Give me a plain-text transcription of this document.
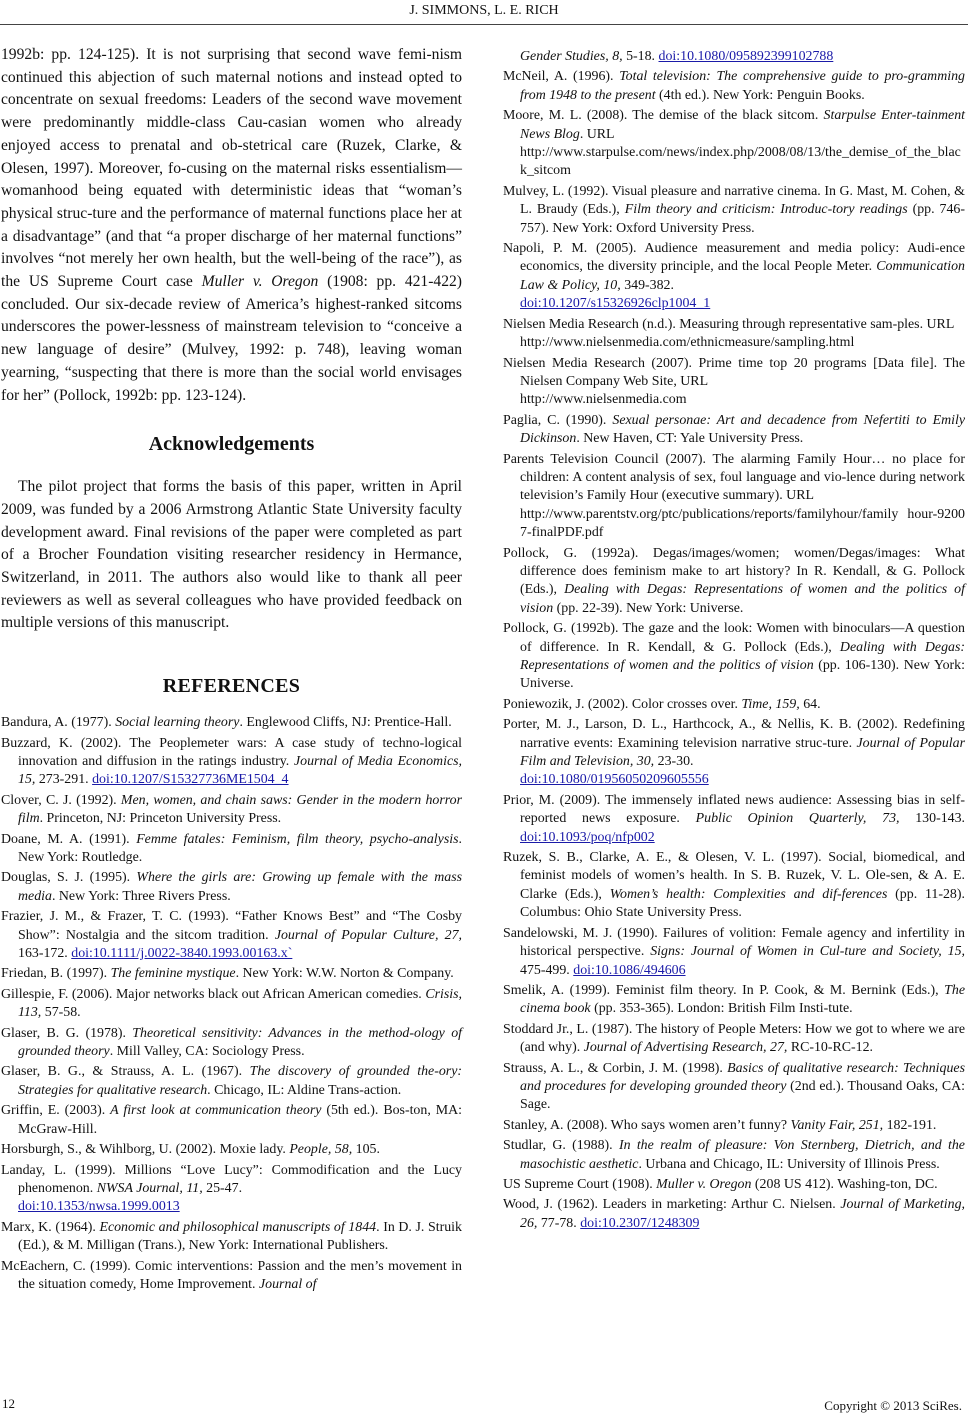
J. SIMMONS, L. E. RICH

1992b: pp. 124-125). It is not surprising that second wave femi-nism continued this abjection of such maternal notions and instead opted to concentrate on sexual freedoms: Leaders of the second wave movement were predominantly middle-class Cau-casian women who already enjoyed access to prenatal and ob-stetrical care (Ruzek, Clarke, & Olesen, 1997). Moreover, fo-cusing on the maternal risks essentialism—womanhood being equated with deterministic ideas that “woman’s physical struc-ture and the performance of maternal functions place her at a disadvantage” (and that “a proper discharge of her maternal functions” involves “not merely her own health, but the well-being of the race”), as the US Supreme Court case Muller v. Oregon (1908: pp. 421-422) concluded. Our six-decade review of America’s highest-ranked sitcoms underscores the power-lessness of mainstream television to “conceive a new language of desire” (Mulvey, 1992: p. 748), leaving woman yearning, “suspecting that there is more than the social world envisages for her” (Pollock, 1992b: pp. 123-124).

Acknowledgements

The pilot project that forms the basis of this paper, written in April 2009, was funded by a 2006 Armstrong Atlantic State University faculty development award. Final revisions of the paper were completed as part of a Brocher Foundation visiting researcher residency in Hermance, Switzerland, in 2011. The authors also would like to thank all peer reviewers as well as several colleagues who have provided feedback on multiple versions of this manuscript.

REFERENCES

Bandura, A. (1977). Social learning theory. Englewood Cliffs, NJ: Prentice-Hall.

Buzzard, K. (2002). The Peoplemeter wars: A case study of techno-logical innovation and diffusion in the ratings industry. Journal of Media Economics, 15, 273-291. doi:10.1207/S15327736ME1504_4

Clover, C. J. (1992). Men, women, and chain saws: Gender in the modern horror film. Princeton, NJ: Princeton University Press.

Doane, M. A. (1991). Femme fatales: Feminism, film theory, psycho-analysis. New York: Routledge.

Douglas, S. J. (1995). Where the girls are: Growing up female with the mass media. New York: Three Rivers Press.

Frazier, J. M., & Frazer, T. C. (1993). “Father Knows Best” and “The Cosby Show”: Nostalgia and the sitcom tradition. Journal of Popular Culture, 27, 163-172. doi:10.1111/j.0022-3840.1993.00163.x`

Friedan, B. (1997). The feminine mystique. New York: W.W. Norton & Company.

Gillespie, F. (2006). Major networks black out African American comedies. Crisis, 113, 57-58.

Glaser, B. G. (1978). Theoretical sensitivity: Advances in the method-ology of grounded theory. Mill Valley, CA: Sociology Press.

Glaser, B. G., & Strauss, A. L. (1967). The discovery of grounded the-ory: Strategies for qualitative research. Chicago, IL: Aldine Trans-action.

Griffin, E. (2003). A first look at communication theory (5th ed.). Bos-ton, MA: McGraw-Hill.

Horsburgh, S., & Wihlborg, U. (2002). Moxie lady. People, 58, 105.

Landay, L. (1999). Millions “Love Lucy”: Commodification and the Lucy phenomenon. NWSA Journal, 11, 25-47.
doi:10.1353/nwsa.1999.0013

Marx, K. (1964). Economic and philosophical manuscripts of 1844. In D. J. Struik (Ed.), & M. Milligan (Trans.), New York: International Publishers.

McEachern, C. (1999). Comic interventions: Passion and the men’s movement in the situation comedy, Home Improvement. Journal of

Gender Studies, 8, 5-18. doi:10.1080/095892399102788

McNeil, A. (1996). Total television: The comprehensive guide to pro-gramming from 1948 to the present (4th ed.). New York: Penguin Books.

Moore, M. L. (2008). The demise of the black sitcom. Starpulse Enter-tainment News Blog. URL
http://www.starpulse.com/news/index.php/2008/08/13/the_demise_of_the_black_sitcom

Mulvey, L. (1992). Visual pleasure and narrative cinema. In G. Mast, M. Cohen, & L. Braudy (Eds.), Film theory and criticism: Introduc-tory readings (pp. 746-757). New York: Oxford University Press.

Napoli, P. M. (2005). Audience measurement and media policy: Audi-ence economics, the diversity principle, and the local People Meter. Communication Law & Policy, 10, 349-382.
doi:10.1207/s15326926clp1004_1

Nielsen Media Research (n.d.). Measuring through representative sam-ples. URL
http://www.nielsenmedia.com/ethnicmeasure/sampling.html

Nielsen Media Research (2007). Prime time top 20 programs [Data file]. The Nielsen Company Web Site, URL
http://www.nielsenmedia.com

Paglia, C. (1990). Sexual personae: Art and decadence from Nefertiti to Emily Dickinson. New Haven, CT: Yale University Press.

Parents Television Council (2007). The alarming Family Hour… no place for children: A content analysis of sex, foul language and vio-lence during network television’s Family Hour (executive summary). URL
http://www.parentstv.org/ptc/publications/reports/familyhour/family hour-92007-finalPDF.pdf

Pollock, G. (1992a). Degas/images/women; women/Degas/images: What difference does feminism make to art history? In R. Kendall, & G. Pollock (Eds.), Dealing with Degas: Representations of women and the politics of vision (pp. 22-39). New York: Universe.

Pollock, G. (1992b). The gaze and the look: Women with binoculars—A question of difference. In R. Kendall, & G. Pollock (Eds.), Dealing with Degas: Representations of women and the politics of vision (pp. 106-130). New York: Universe.

Poniewozik, J. (2002). Color crosses over. Time, 159, 64.

Porter, M. J., Larson, D. L., Harthcock, A., & Nellis, K. B. (2002). Redefining narrative events: Examining television narrative struc-ture. Journal of Popular Film and Television, 30, 23-30.
doi:10.1080/01956050209605556

Prior, M. (2009). The immensely inflated news audience: Assessing bias in self-reported news exposure. Public Opinion Quarterly, 73, 130-143. doi:10.1093/poq/nfp002

Ruzek, S. B., Clarke, A. E., & Olesen, V. L. (1997). Social, biomedical, and feminist models of women’s health. In S. B. Ruzek, V. L. Ole-sen, & A. E. Clarke (Eds.), Women’s health: Complexities and dif-ferences (pp. 11-28). Columbus: Ohio State University Press.

Sandelowski, M. J. (1990). Failures of volition: Female agency and infertility in historical perspective. Signs: Journal of Women in Cul-ture and Society, 15, 475-499. doi:10.1086/494606

Smelik, A. (1999). Feminist film theory. In P. Cook, & M. Bernink (Eds.), The cinema book (pp. 353-365). London: British Film Insti-tute.

Stoddard Jr., L. (1987). The history of People Meters: How we got to where we are (and why). Journal of Advertising Research, 27, RC-10-RC-12.

Strauss, A. L., & Corbin, J. M. (1998). Basics of qualitative research: Techniques and procedures for developing grounded theory (2nd ed.). Thousand Oaks, CA: Sage.

Stanley, A. (2008). Who says women aren’t funny? Vanity Fair, 251, 182-191.

Studlar, G. (1988). In the realm of pleasure: Von Sternberg, Dietrich, and the masochistic aesthetic. Urbana and Chicago, IL: University of Illinois Press.

US Supreme Court (1908). Muller v. Oregon (208 US 412). Washing-ton, DC.

Wood, J. (1962). Leaders in marketing: Arthur C. Nielsen. Journal of Marketing, 26, 77-78. doi:10.2307/1248309

12	Copyright © 2013 SciRes.
